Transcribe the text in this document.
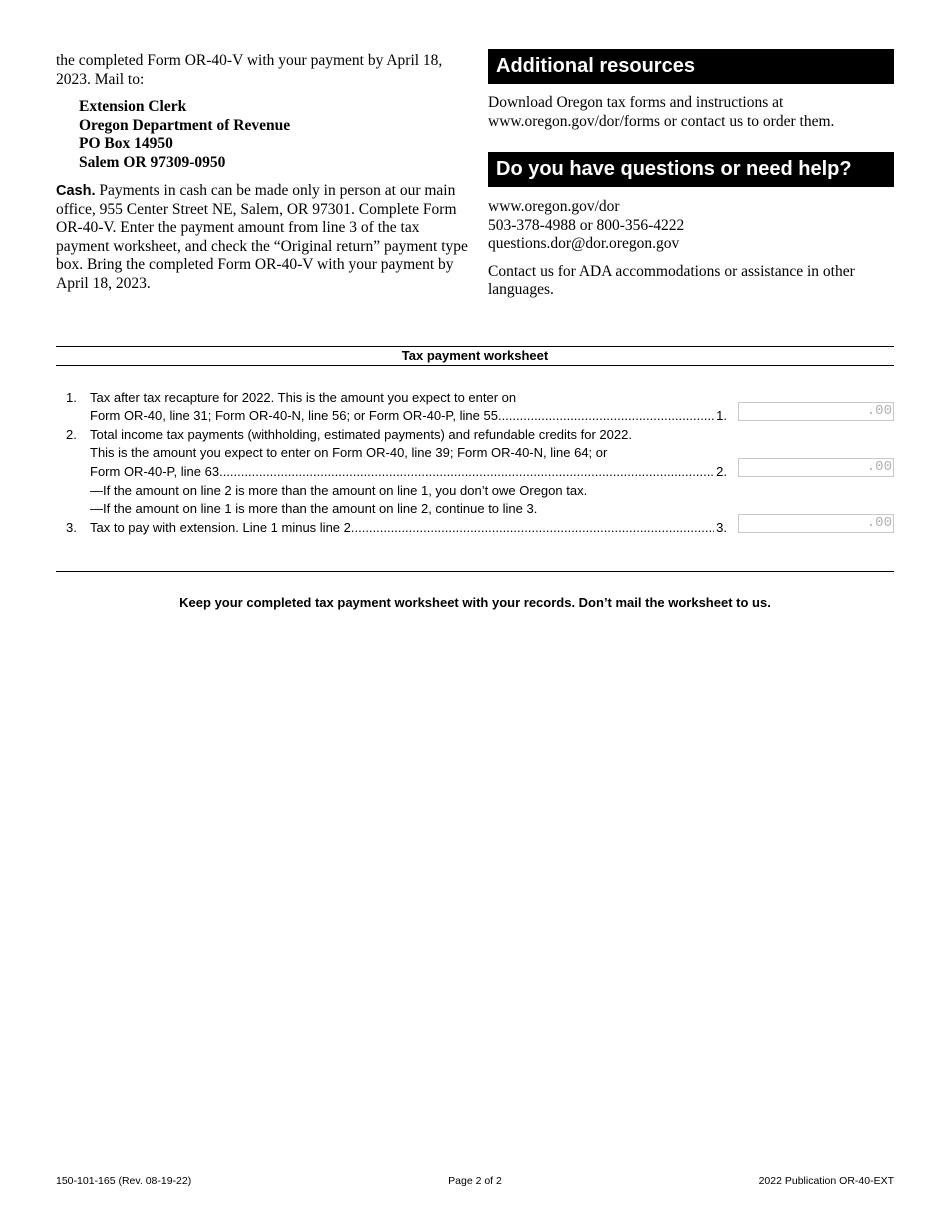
the completed Form OR-40-V with your payment by April 18, 2023. Mail to:

Extension Clerk
Oregon Department of Revenue
PO Box 14950
Salem OR 97309-0950

Cash. Payments in cash can be made only in person at our main office, 955 Center Street NE, Salem, OR 97301. Complete Form OR-40-V. Enter the payment amount from line 3 of the tax payment worksheet, and check the “Original return” payment type box. Bring the completed Form OR-40-V with your payment by April 18, 2023.

Additional resources

Download Oregon tax forms and instructions at www.oregon.gov/dor/forms or contact us to order them.

Do you have questions or need help?
www.oregon.gov/dor
503-378-4988 or 800-356-4222
questions.dor@dor.oregon.gov

Contact us for ADA accommodations or assistance in other languages.

Tax payment worksheet
1. Tax after tax recapture for 2022. This is the amount you expect to enter on
Form OR-40, line 31; Form OR-40-N, line 56; or Form OR-40-P, line 55 .....	1.	.00
2. Total income tax payments (withholding, estimated payments) and refundable credits for 2022.
This is the amount you expect to enter on Form OR-40, line 39; Form OR-40-N, line 64; or
Form OR-40-P, line 63 .....	2.	.00
—If the amount on line 2 is more than the amount on line 1, you don’t owe Oregon tax.
—If the amount on line 1 is more than the amount on line 2, continue to line 3.
3. Tax to pay with extension. Line 1 minus line 2. .....	3.	.00
Keep your completed tax payment worksheet with your records. Don’t mail the worksheet to us.
150-101-165 (Rev. 08-19-22)	Page 2 of 2	2022 Publication OR-40-EXT
